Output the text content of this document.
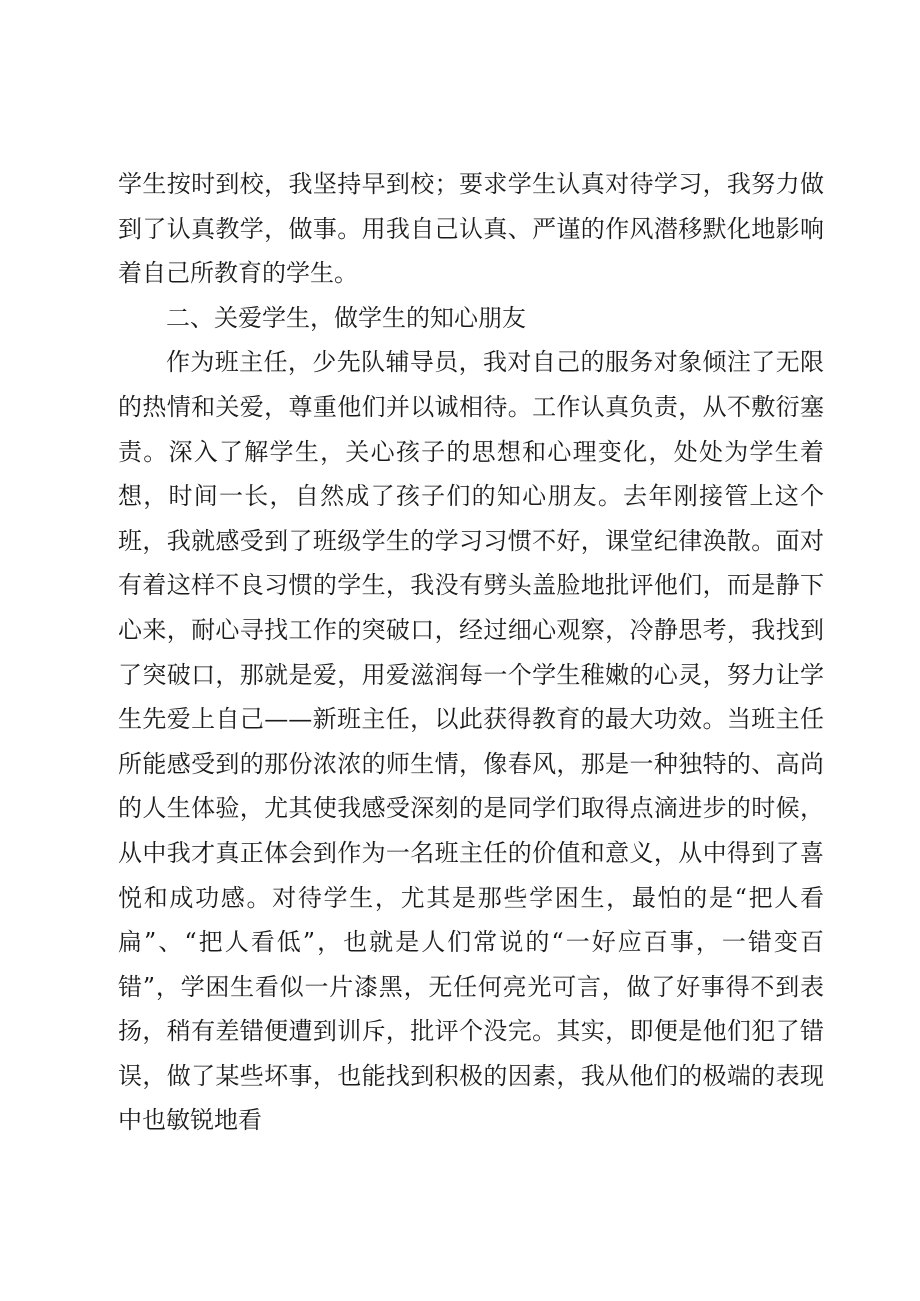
学生按时到校，我坚持早到校；要求学生认真对待学习，我努力做到了认真教学，做事。用我自己认真、严谨的作风潜移默化地影响着自己所教育的学生。

二、关爱学生，做学生的知心朋友

作为班主任，少先队辅导员，我对自己的服务对象倾注了无限的热情和关爱，尊重他们并以诚相待。工作认真负责，从不敷衍塞责。深入了解学生，关心孩子的思想和心理变化，处处为学生着想，时间一长，自然成了孩子们的知心朋友。去年刚接管上这个班，我就感受到了班级学生的学习习惯不好，课堂纪律涣散。面对有着这样不良习惯的学生，我没有劈头盖脸地批评他们，而是静下心来，耐心寻找工作的突破口，经过细心观察，冷静思考，我找到了突破口，那就是爱，用爱滋润每一个学生稚嫩的心灵，努力让学生先爱上自己——新班主任，以此获得教育的最大功效。当班主任所能感受到的那份浓浓的师生情，像春风，那是一种独特的、高尚的人生体验，尤其使我感受深刻的是同学们取得点滴进步的时候，从中我才真正体会到作为一名班主任的价值和意义，从中得到了喜悦和成功感。对待学生，尤其是那些学困生，最怕的是“把人看扁”、“把人看低”，也就是人们常说的“一好应百事，一错变百错”，学困生看似一片漆黑，无任何亮光可言，做了好事得不到表扬，稍有差错便遭到训斥，批评个没完。其实，即便是他们犯了错误，做了某些坏事，也能找到积极的因素，我从他们的极端的表现中也敏锐地看
